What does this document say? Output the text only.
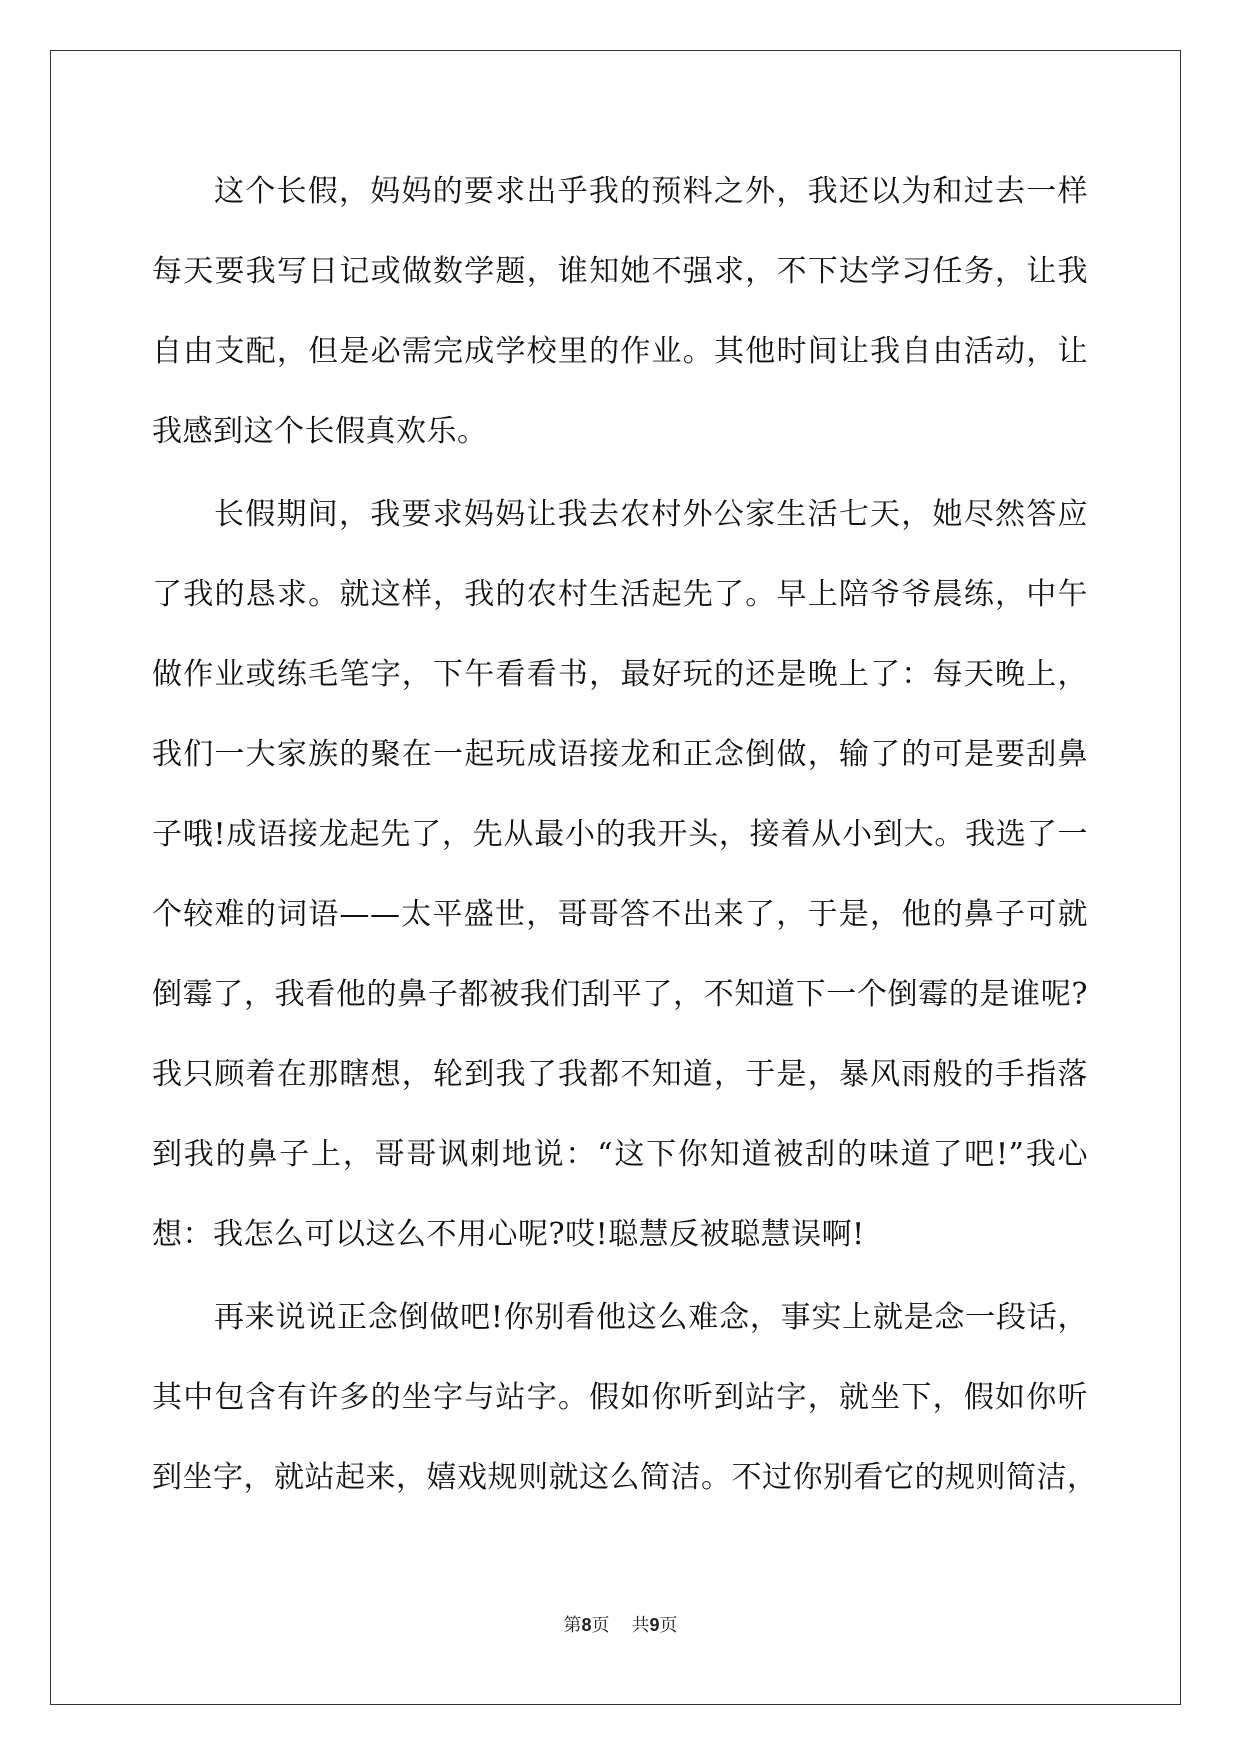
这个长假，妈妈的要求出乎我的预料之外，我还以为和过去一样
每天要我写日记或做数学题，谁知她不强求，不下达学习任务，让我
自由支配，但是必需完成学校里的作业。其他时间让我自由活动，让
我感到这个长假真欢乐。
长假期间，我要求妈妈让我去农村外公家生活七天，她尽然答应
了我的恳求。就这样，我的农村生活起先了。早上陪爷爷晨练，中午
做作业或练毛笔字，下午看看书，最好玩的还是晚上了：每天晚上，
我们一大家族的聚在一起玩成语接龙和正念倒做，输了的可是要刮鼻
子哦!成语接龙起先了，先从最小的我开头，接着从小到大。我选了一
个较难的词语——太平盛世，哥哥答不出来了，于是，他的鼻子可就
倒霉了，我看他的鼻子都被我们刮平了，不知道下一个倒霉的是谁呢?
我只顾着在那瞎想，轮到我了我都不知道，于是，暴风雨般的手指落
到我的鼻子上，哥哥讽刺地说：“这下你知道被刮的味道了吧!”我心
想：我怎么可以这么不用心呢?哎!聪慧反被聪慧误啊!
再来说说正念倒做吧!你别看他这么难念，事实上就是念一段话，
其中包含有许多的坐字与站字。假如你听到站字，就坐下，假如你听
到坐字，就站起来，嬉戏规则就这么简洁。不过你别看它的规则简洁，
第8页 共9页
